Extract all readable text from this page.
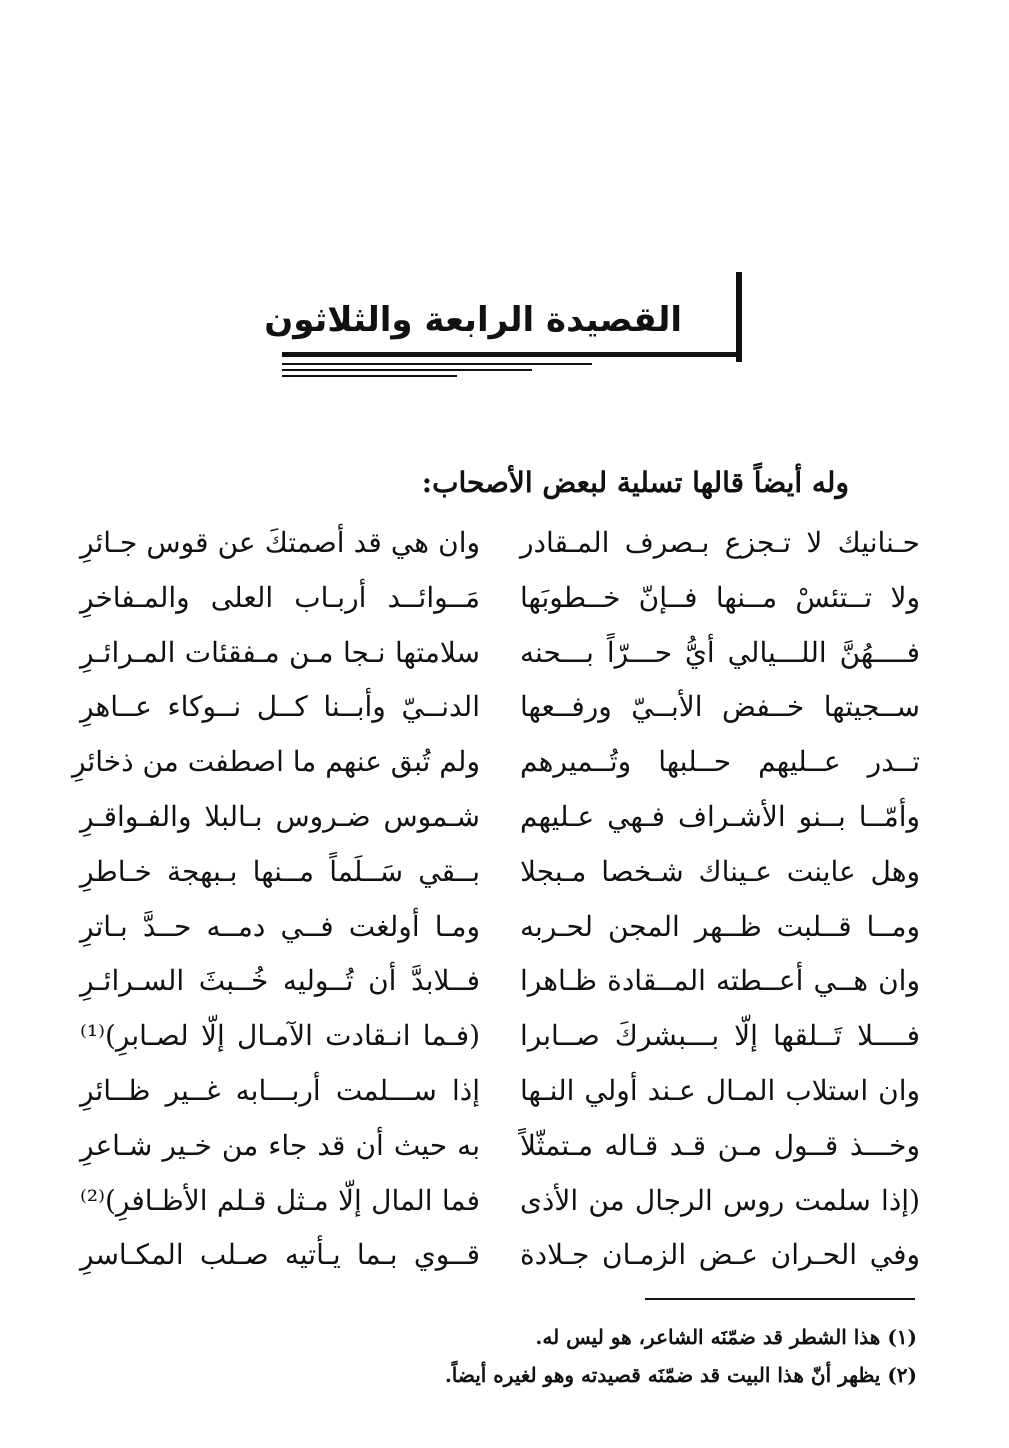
القصيدة الرابعة والثلاثون
وله أيضاً قالها تسلية لبعض الأصحاب:
حـنانيك لا تـجزع بـصرف المـقادر
وان هي قد أصمتكَ عن قوس جـائرِ
ولا تــتئسْ مــنها فــإنّ خــطوبَها
مَــوائــد أربـاب العلى والمـفاخرِ
فــــهُنَّ اللـــيالي أيُّ حـــرّاً بـــحنه
سلامتها نـجا مـن مـفقئات المـرائـرِ
ســجيتها خــفض الأبــيّ ورفــعها
الدنــيّ وأبــنا كــل نــوكاء عــاهرِ
تــدر عــليهم حــلبها وتُــميرهم
ولم تُبق عنهم ما اصطفت من ذخائرِ
وأمّــا بــنو الأشـراف فـهي عـليهم
شـموس ضـروس بـالبلا والفـواقـرِ
وهل عاينت عـيناك شـخصا مـبجلا
بــقي سَــلَماً مــنها بـبهجة خـاطرِ
ومــا قــلبت ظــهر المجن لحـربه
ومـا أولغت فــي دمــه حــدَّ بـاترِ
وان هــي أعــطته المــقادة ظـاهرا
فــلابدَّ أن تُــوليه خُــبثَ السـرائـرِ
فــــلا تَــلقها إلّا بـــبشركَ صــابرا
(فـما انـقادت الآمـال إلّا لصـابرِ)⁽¹⁾
وان استلاب المـال عـند أولي النـها
إذا ســـلمت أربـــابه غــير ظــائرِ
وخـــذ قــول مـن قـد قـاله مـتمثّلاً
به حيث أن قد جاء من خـير شـاعرِ
(إذا سلمت روس الرجال من الأذى
فما المال إلّا مـثل قـلم الأظـافرِ)⁽²⁾
وفي الحـران عـض الزمـان جـلادة
قــوي بـما يـأتيه صـلب المكـاسرِ
(١) هذا الشطر قد ضمّنَه الشاعر، هو ليس له.
(٢) يظهر أنّ هذا البيت قد ضمّنَه قصيدته وهو لغيره أيضاً.
